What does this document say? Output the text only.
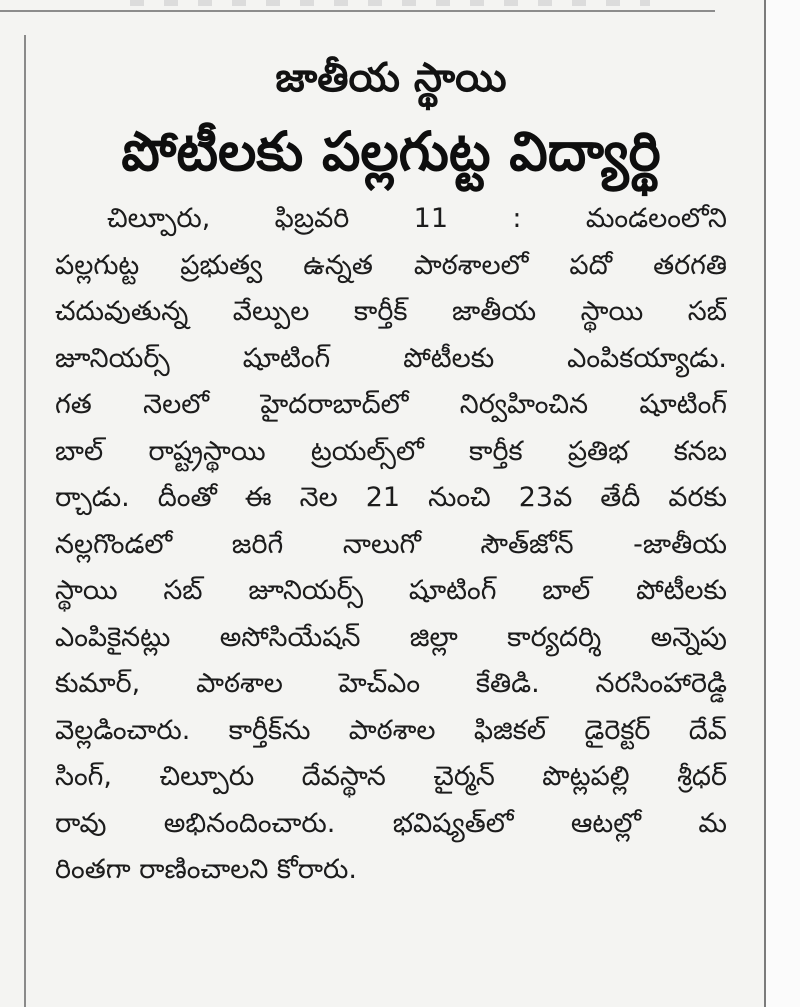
జాతీయ స్థాయి
పోటీలకు పల్లగుట్ట విద్యార్థి
చిల్పూరు, ఫిబ్రవరి 11 : మండలంలోని
పల్లగుట్ట ప్రభుత్వ ఉన్నత పాఠశాలలో పదో తరగతి
చదువుతున్న వేల్పుల కార్తీక్ జాతీయ స్థాయి సబ్
జూనియర్స్ షూటింగ్ పోటీలకు ఎంపికయ్యాడు.
గత నెలలో హైదరాబాద్‌లో నిర్వహించిన షూటింగ్
బాల్ రాష్ట్రస్థాయి ట్రయల్స్‌లో కార్తీక ప్రతిభ కనబ
ర్చాడు. దీంతో ఈ నెల 21 నుంచి 23వ తేదీ వరకు
నల్లగొండలో జరిగే నాలుగో సౌత్‌జోన్ -జాతీయ
స్థాయి సబ్ జూనియర్స్ షూటింగ్ బాల్ పోటీలకు
ఎంపికైనట్లు అసోసియేషన్ జిల్లా కార్యదర్శి అన్నెపు
కుమార్, పాఠశాల హెచ్‌ఎం కేతిడి. నరసింహారెడ్డి
వెల్లడించారు. కార్తీక్‌ను పాఠశాల ఫిజికల్ డైరెక్టర్ దేవ్
సింగ్, చిల్పూరు దేవస్థాన చైర్మన్ పొట్లపల్లి శ్రీధర్
రావు అభినందించారు. భవిష్యత్‌లో ఆటల్లో మ
రింతగా రాణించాలని కోరారు.
